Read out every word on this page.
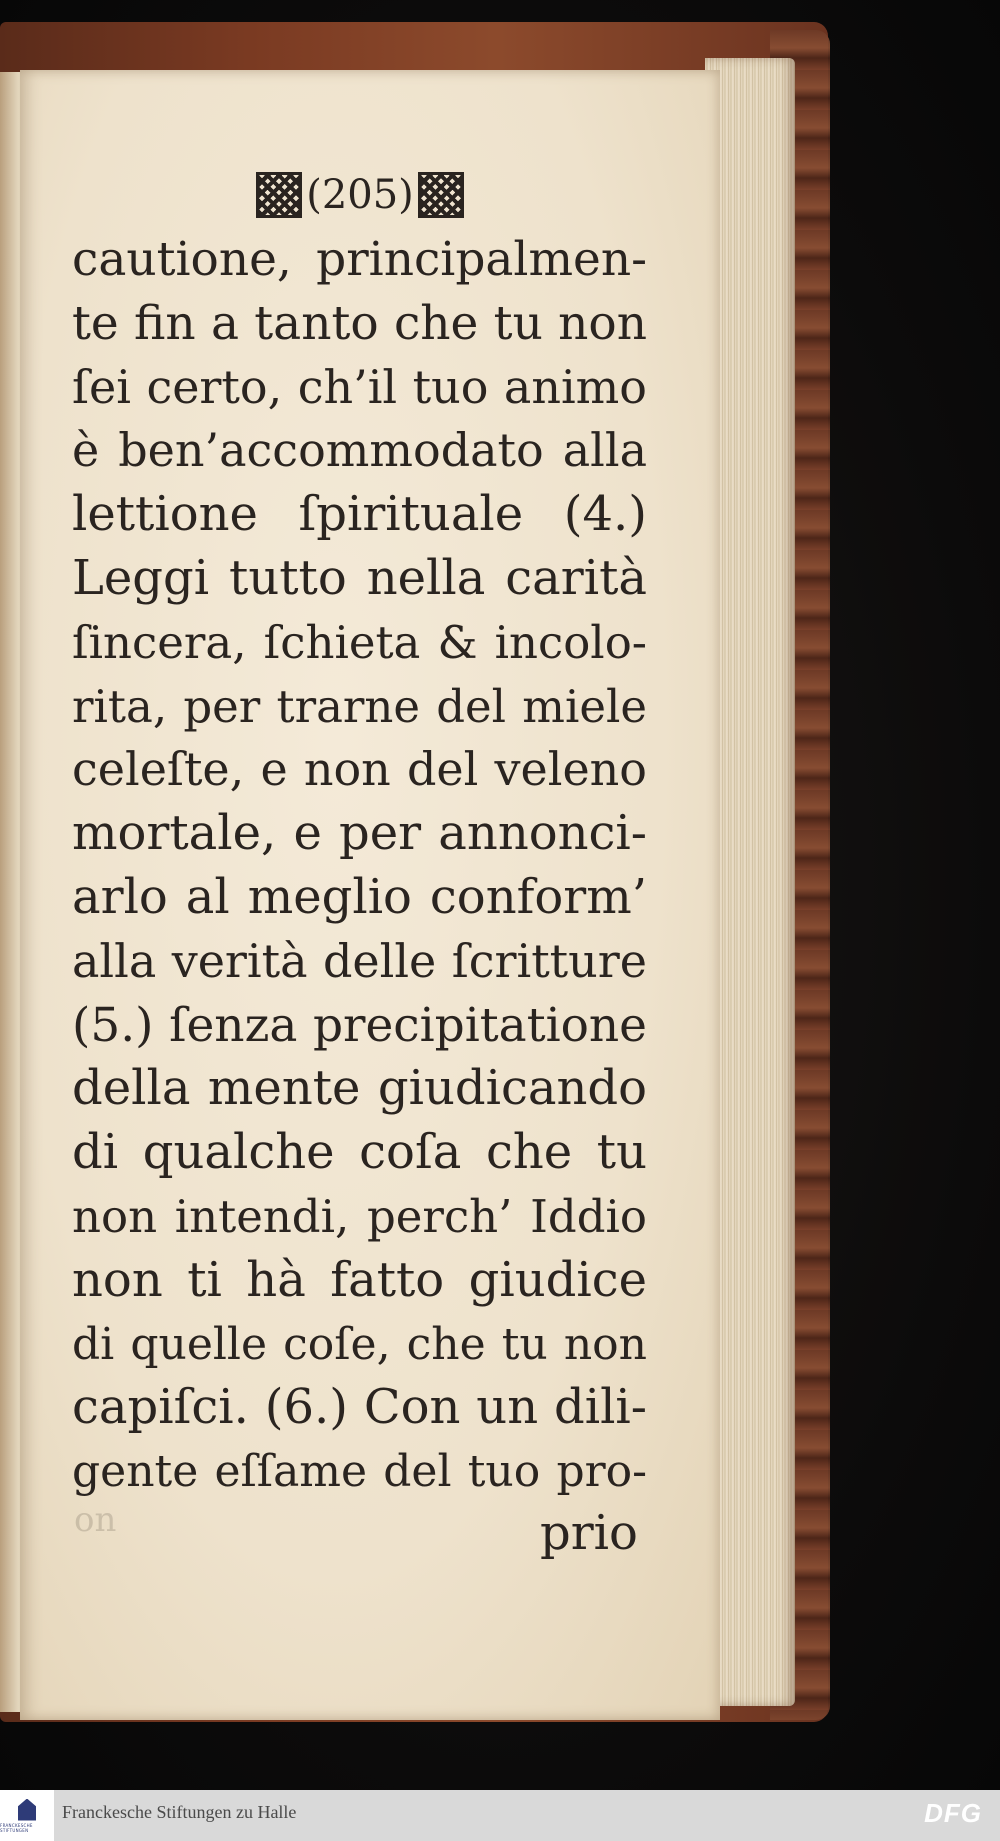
(205)
cautione, principalmen-
te fin a tanto che tu non
ſei certo, ch’il tuo animo
è ben’accommodato alla
lettione ſpirituale (4.)
Leggi tutto nella carità
ſincera, ſchieta & incolo-
rita, per trarne del miele
celeſte, e non del veleno
mortale, e per annonci-
arlo al meglio conform’
alla verità delle ſcritture
(5.) ſenza precipitatione
della mente giudicando
di qualche coſa che tu
non intendi, perch’ Iddio
non ti hà fatto giudice
di quelle coſe, che tu non
capiſci. (6.) Con un dili-
gente eſſame del tuo pro-
on	prio
FRANCKESCHE STIFTUNGEN
Franckesche Stiftungen zu Halle	DFG
